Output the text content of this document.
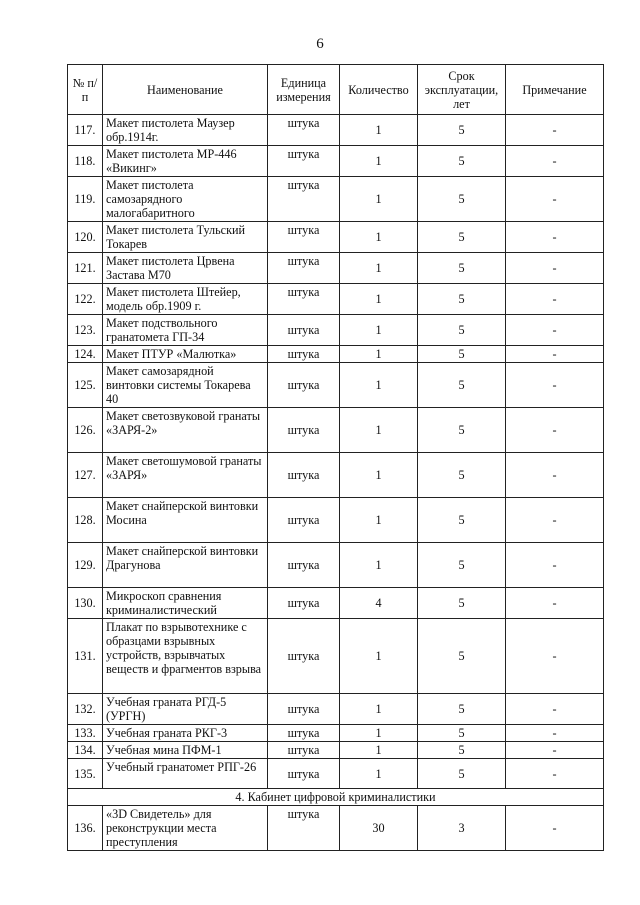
6
№ п/п	Наименование	Единица измерения	Количество	Срок эксплуатации, лет	Примечание
117.	Макет пистолета Маузер обр.1914г.	штука	1	5	-
118.	Макет пистолета МР-446 «Викинг»	штука	1	5	-
119.	Макет пистолета самозарядного малогабаритного	штука	1	5	-
120.	Макет пистолета Тульский Токарев	штука	1	5	-
121.	Макет пистолета Црвена Застава М70	штука	1	5	-
122.	Макет пистолета Штейер, модель обр.1909 г.	штука	1	5	-
123.	Макет подствольного гранатомета ГП-34	штука	1	5	-
124.	Макет ПТУР «Малютка»	штука	1	5	-
125.	Макет самозарядной винтовки системы Токарева 40	штука	1	5	-
126.	Макет светозвуковой гранаты «ЗАРЯ-2»	штука	1	5	-
127.	Макет светошумовой гранаты «ЗАРЯ»	штука	1	5	-
128.	Макет снайперской винтовки Мосина	штука	1	5	-
129.	Макет снайперской винтовки Драгунова	штука	1	5	-
130.	Микроскоп сравнения криминалистический	штука	4	5	-
131.	Плакат по взрывотехнике с образцами взрывных устройств, взрывчатых веществ и фрагментов взрыва	штука	1	5	-
132.	Учебная граната РГД-5 (УРГН)	штука	1	5	-
133.	Учебная граната РКГ-3	штука	1	5	-
134.	Учебная мина ПФМ-1	штука	1	5	-
135.	Учебный гранатомет РПГ-26	штука	1	5	-
4. Кабинет цифровой криминалистики					
136.	«3D Свидетель» для реконструкции места преступления	штука	30	3	-
